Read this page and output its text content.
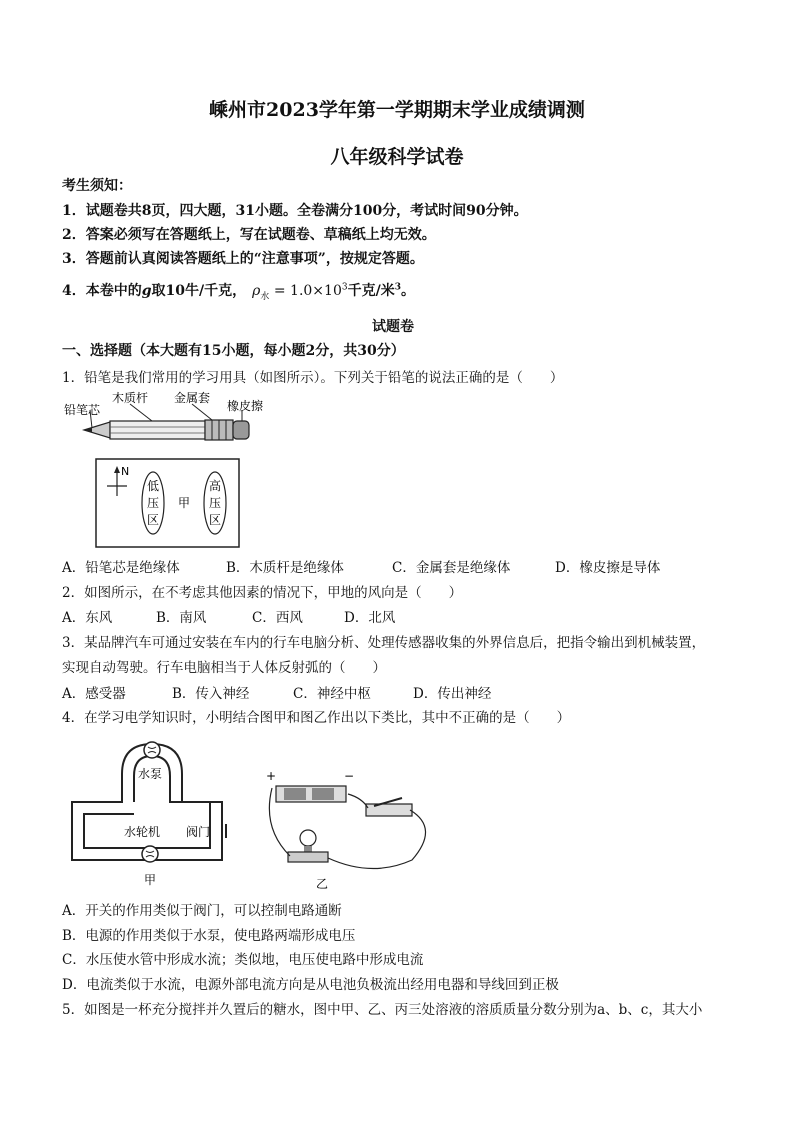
嵊州市2023学年第一学期期末学业成绩调测
八年级科学试卷
考生须知：
1．试题卷共8页，四大题，31小题。全卷满分100分，考试时间90分钟。
2．答案必须写在答题纸上，写在试题卷、草稿纸上均无效。
3．答题前认真阅读答题纸上的“注意事项”，按规定答题。
4．本卷中的g取10牛/千克， $\rho_水 = 1.0\times 10^3$千克/米$^3$。
试题卷
一、选择题（本大题有15小题，每小题2分，共30分）
1．铅笔是我们常用的学习用具（如图所示）。下列关于铅笔的说法正确的是（　　）
铅笔芯
木质杆 金属套
橡皮擦
N
低
压
区
甲
高
压
区
A．铅笔芯是绝缘体	B．木质杆是绝缘体	C．金属套是绝缘体	D．橡皮擦是导体
2．如图所示，在不考虑其他因素的情况下，甲地的风向是（　　）
A．东风	B．南风	C．西风	D．北风
3．某品牌汽车可通过安装在车内的行车电脑分析、处理传感器收集的外界信息后，把指令输出到机械装置，
实现自动驾驶。行车电脑相当于人体反射弧的（　　）
A．感受器	B．传入神经	C．神经中枢	D．传出神经
4．在学习电学知识时，小明结合图甲和图乙作出以下类比，其中不正确的是（　　）
水泵
水轮机 阀门
甲
+	−
乙
A．开关的作用类似于阀门，可以控制电路通断
B．电源的作用类似于水泵，使电路两端形成电压
C．水压使水管中形成水流；类似地，电压使电路中形成电流
D．电流类似于水流，电源外部电流方向是从电池负极流出经用电器和导线回到正极
5．如图是一杯充分搅拌并久置后的糖水，图中甲、乙、丙三处溶液的溶质质量分数分别为a、b、c，其大小
